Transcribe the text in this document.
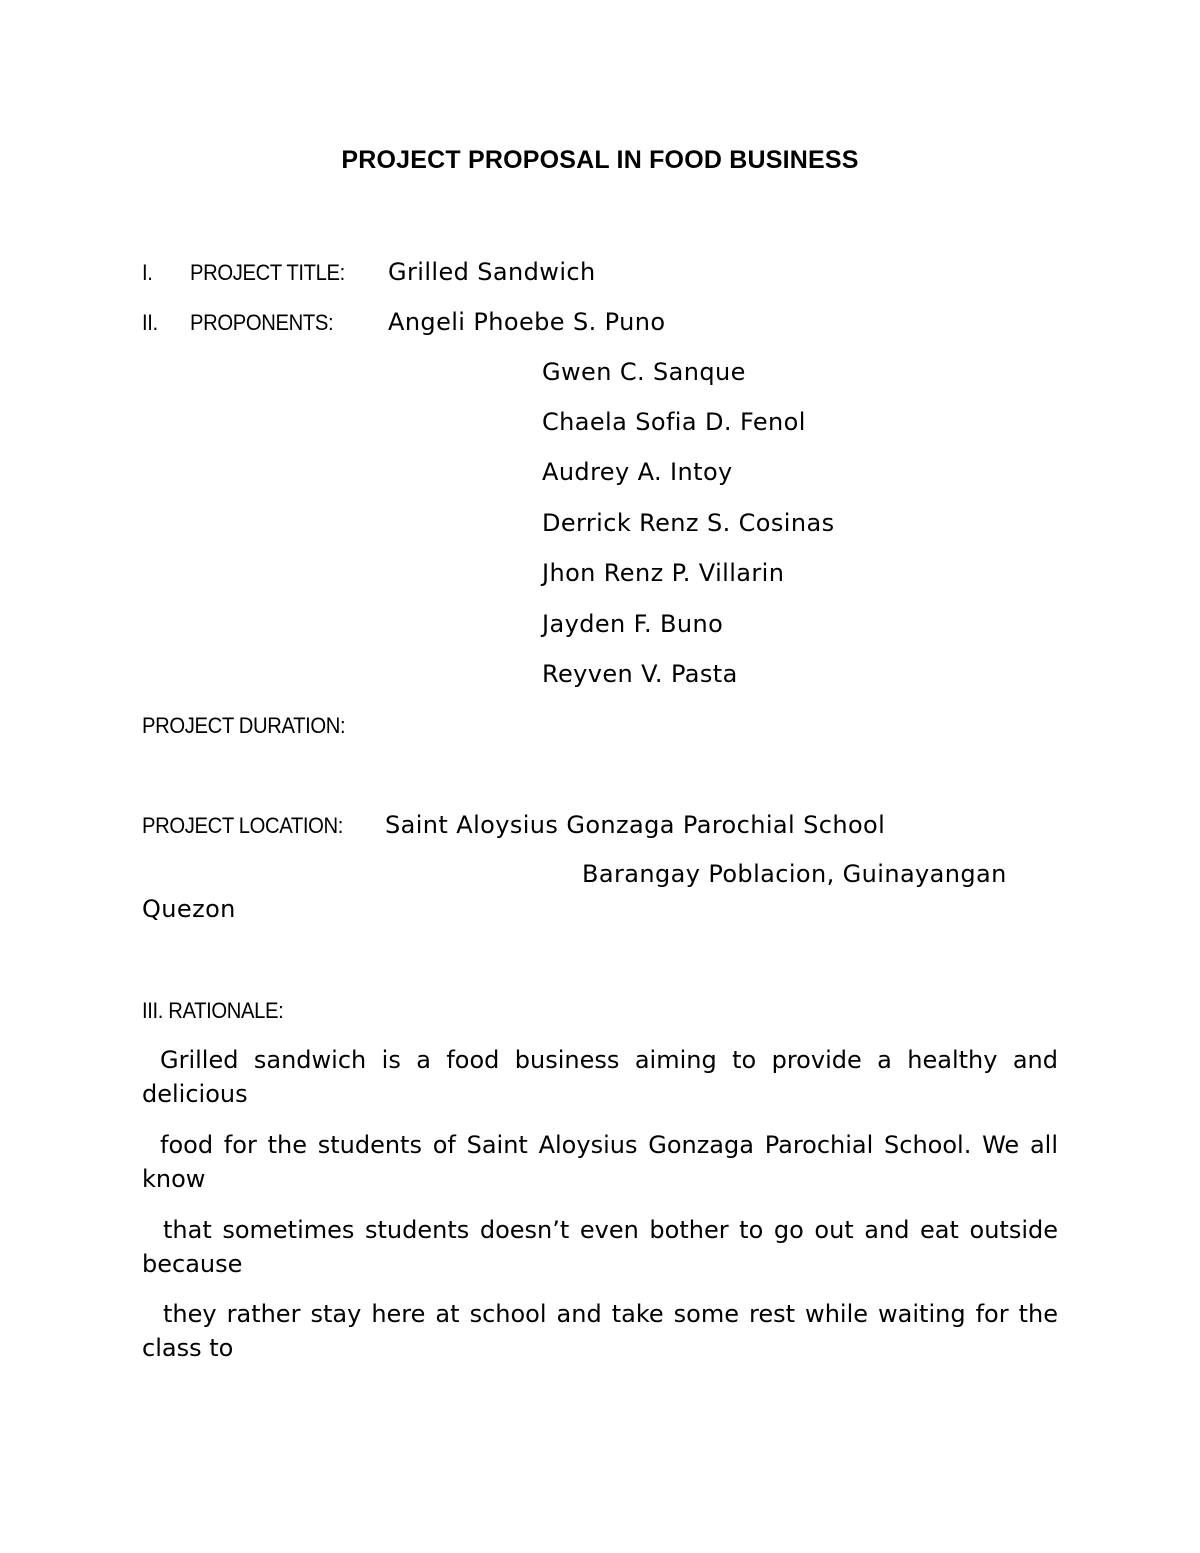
PROJECT PROPOSAL IN FOOD BUSINESS
I. PROJECT TITLE: Grilled Sandwich
II. PROPONENTS: Angeli Phoebe S. Puno
Gwen C. Sanque
Chaela Sofia D. Fenol
Audrey A. Intoy
Derrick Renz S. Cosinas
Jhon Renz P. Villarin
Jayden F. Buno
Reyven V. Pasta
PROJECT DURATION:
PROJECT LOCATION: Saint Aloysius Gonzaga Parochial School
Barangay Poblacion, Guinayangan
Quezon
III. RATIONALE:
Grilled sandwich is a food business aiming to provide a healthy and delicious
food for the students of Saint Aloysius Gonzaga Parochial School. We all know
that sometimes students doesn’t even bother to go out and eat outside because
they rather stay here at school and take some rest while waiting for the class to
